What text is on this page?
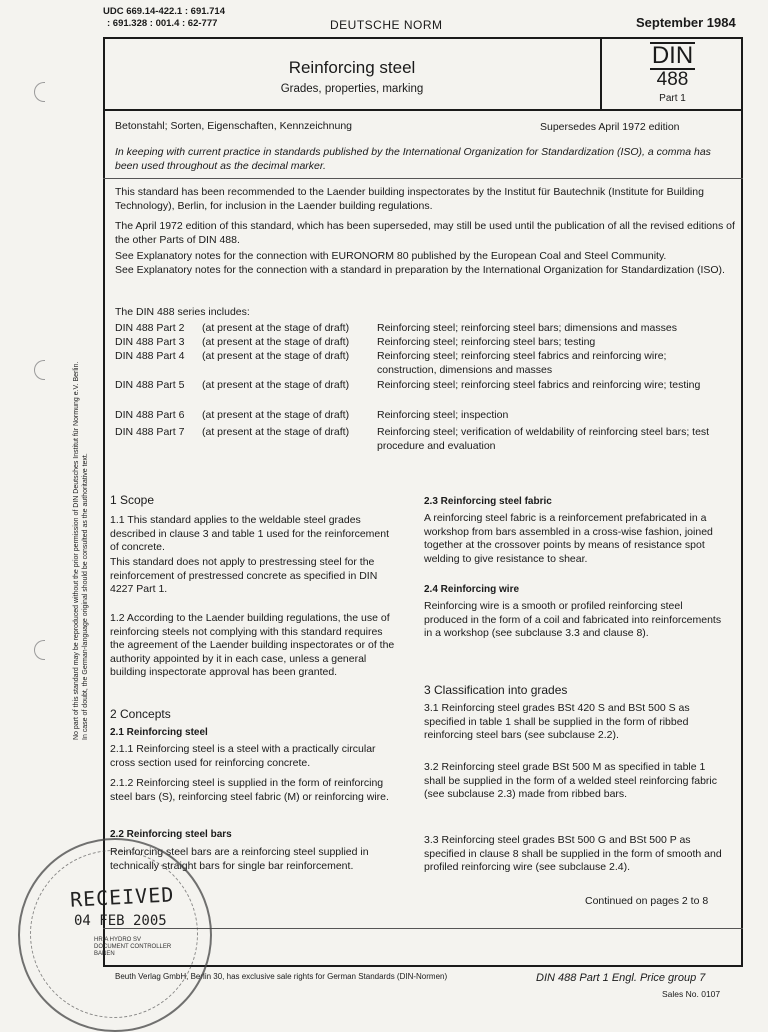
UDC 669.14-422.1 : 691.714
: 691.328 : 001.4 : 62-777	DEUTSCHE NORM	September 1984
Reinforcing steel
Grades, properties, marking
DIN
488
Part 1
Betonstahl; Sorten, Eigenschaften, Kennzeichnung	Supersedes April 1972 edition
In keeping with current practice in standards published by the International Organization for Standardization (ISO), a comma has been used throughout as the decimal marker.
This standard has been recommended to the Laender building inspectorates by the Institut für Bautechnik (Institute for Building Technology), Berlin, for inclusion in the Laender building regulations.
The April 1972 edition of this standard, which has been superseded, may still be used until the publication of all the revised editions of the other Parts of DIN 488.
See Explanatory notes for the connection with EURONORM 80 published by the European Coal and Steel Community.
See Explanatory notes for the connection with a standard in preparation by the International Organization for Standardization (ISO).
The DIN 488 series includes:
DIN 488 Part 2	(at present at the stage of draft)	Reinforcing steel; reinforcing steel bars; dimensions and masses
DIN 488 Part 3	(at present at the stage of draft)	Reinforcing steel; reinforcing steel bars; testing
DIN 488 Part 4	(at present at the stage of draft)	Reinforcing steel; reinforcing steel fabrics and reinforcing wire; construction, dimensions and masses
DIN 488 Part 5	(at present at the stage of draft)	Reinforcing steel; reinforcing steel fabrics and reinforcing wire; testing
DIN 488 Part 6	(at present at the stage of draft)	Reinforcing steel; inspection
DIN 488 Part 7	(at present at the stage of draft)	Reinforcing steel; verification of weldability of reinforcing steel bars; test procedure and evaluation
1 Scope
1.1 This standard applies to the weldable steel grades described in clause 3 and table 1 used for the reinforcement of concrete.
This standard does not apply to prestressing steel for the reinforcement of prestressed concrete as specified in DIN 4227 Part 1.
1.2 According to the Laender building regulations, the use of reinforcing steels not complying with this standard requires the agreement of the Laender building inspectorates or of the authority appointed by it in each case, unless a general building inspectorate approval has been granted.
2 Concepts
2.1 Reinforcing steel
2.1.1 Reinforcing steel is a steel with a practically circular cross section used for reinforcing concrete.
2.1.2 Reinforcing steel is supplied in the form of reinforcing steel bars (S), reinforcing steel fabric (M) or reinforcing wire.
2.2 Reinforcing steel bars
Reinforcing steel bars are a reinforcing steel supplied in technically straight bars for single bar reinforcement.
2.3 Reinforcing steel fabric
A reinforcing steel fabric is a reinforcement prefabricated in a workshop from bars assembled in a cross-wise fashion, joined together at the crossover points by means of resistance spot welding to give resistance to shear.
2.4 Reinforcing wire
Reinforcing wire is a smooth or profiled reinforcing steel produced in the form of a coil and fabricated into reinforcements in a workshop (see subclause 3.3 and clause 8).
3 Classification into grades
3.1 Reinforcing steel grades BSt 420 S and BSt 500 S as specified in table 1 shall be supplied in the form of ribbed reinforcing steel bars (see subclause 2.2).
3.2 Reinforcing steel grade BSt 500 M as specified in table 1 shall be supplied in the form of a welded steel reinforcing fabric (see subclause 2.3) made from ribbed bars.
3.3 Reinforcing steel grades BSt 500 G and BSt 500 P as specified in clause 8 shall be supplied in the form of smooth and profiled reinforcing wire (see subclause 2.4).
Continued on pages 2 to 8
Beuth Verlag GmbH, Berlin 30, has exclusive sale rights for German Standards (DIN-Normen)	DIN 488 Part 1 Engl. Price group 7
Sales No. 0107
No part of this standard may be reproduced without the prior permission of DIN Deutsches Institut für Normung e.V. Berlin. In case of doubt, the German-language original should be consulted as the authoritative text.
RECEIVED
04 FEB 2005
HRIA HYDRO SV DOCUMENT CONTROLLER BANEN
